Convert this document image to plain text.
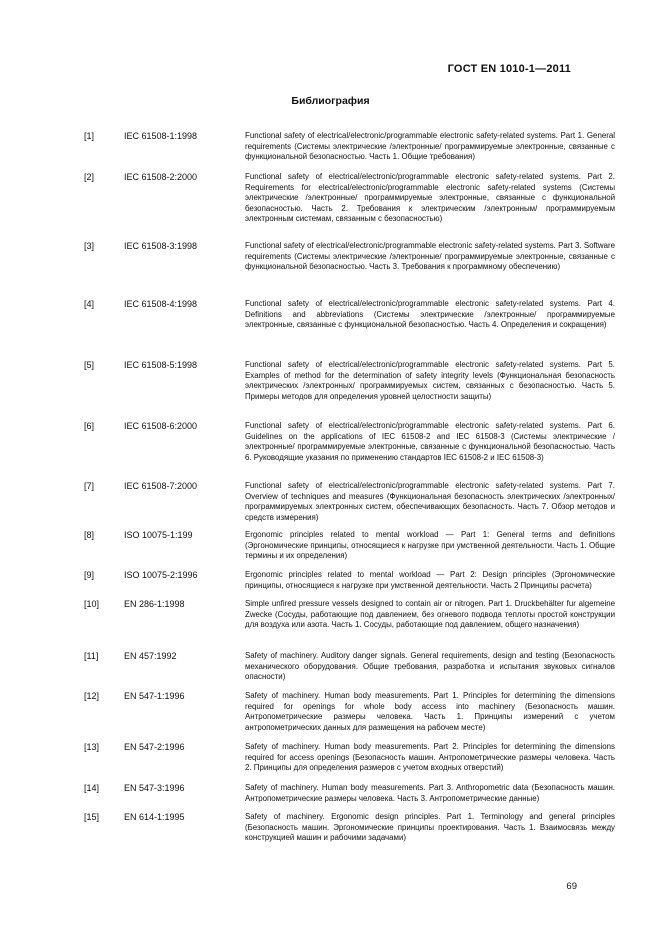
ГОСТ EN 1010-1—2011
Библиография
[1]	IEC 61508-1:1998	Functional safety of electrical/electronic/programmable electronic safety-related systems. Part 1. General requirements (Системы электрические /электронные/ программируемые электронные, связанные с функциональной безопасностью. Часть 1. Общие требования)
[2]	IEC 61508-2:2000	Functional safety of electrical/electronic/programmable electronic safety-related systems. Part 2. Requirements for electrical/electronic/programmable electronic safety-related systems (Системы электрические /электронные/ программируемые электронные, связанные с функциональной безопасностью. Часть 2. Требования к электрическим /электронным/ программируемым электронным системам, связанным с безопасностью)
[3]	IEC 61508-3:1998	Functional safety of electrical/electronic/programmable electronic safety-related systems. Part 3. Software requirements (Системы электрические /электронные/ программируемые электронные, связанные с функциональной безопасностью. Часть 3. Требования к программному обеспечению)
[4]	IEC 61508-4:1998	Functional safety of electrical/electronic/programmable electronic safety-related systems. Part 4. Definitions and abbreviations (Системы электрические /электронные/ программируемые электронные, связанные с функциональной безопасностью. Часть 4. Определения и сокращения)
[5]	IEC 61508-5:1998	Functional safety of electrical/electronic/programmable electronic safety-related systems. Part 5. Examples of method for the determination of safety integrity levels (Функциональная безопасность электрических /электронных/ программируемых систем, связанных с безопасностью. Часть 5. Примеры методов для определения уровней целостности защиты)
[6]	IEC 61508-6:2000	Functional safety of electrical/electronic/programmable electronic safety-related systems. Part 6. Guidelines on the applications of IEC 61508-2 and IEC 61508-3 (Системы электрические /электронные/ программируемые электронные, связанные с функциональной безопасностью. Часть 6. Руководящие указания по применению стандартов IEC 61508-2 и IEC 61508-3)
[7]	IEC 61508-7:2000	Functional safety of electrical/electronic/programmable electronic safety-related systems. Part 7. Overview of techniques and measures (Функциональная безопасность электрических /электронных/ программируемых электронных систем, обеспечивающих безопасность. Часть 7. Обзор методов и средств измерения)
[8]	ISO 10075-1:199	Ergonomic principles related to mental workload — Part 1: General terms and definitions (Эргономические принципы, относящиеся к нагрузке при умственной деятельности. Часть 1. Общие термины и их определения)
[9]	ISO 10075-2:1996	Ergonomic principles related to mental workload — Part 2: Design principles (Эргономические принципы, относящиеся к нагрузке при умственной деятельности. Часть 2 Принципы расчета)
[10]	EN 286-1:1998	Simple unfired pressure vessels designed to contain air or nitrogen. Part 1. Druckbehälter fur algemeine Zwecke (Сосуды, работающие под давлением, без огневого подвода теплоты простой конструкции для воздуха или азота. Часть 1. Сосуды, работающие под давлением, общего назначения)
[11]	EN 457:1992	Safety of machinery. Auditory danger signals. General requirements, design and testing (Безопасность механического оборудования. Общие требования, разработка и испытания звуковых сигналов опасности)
[12]	EN 547-1:1996	Safety of machinery. Human body measurements. Part 1. Principles for determining the dimensions required for openings for whole body access into machinery (Безопасность машин. Антропометрические размеры человека. Часть 1. Принципы измерений с учетом антропометрических данных для размещения на рабочем месте)
[13]	EN 547-2:1996	Safety of machinery. Human body measurements. Part 2. Principles for determining the dimensions required for access openings (Безопасность машин. Антропометрические размеры человека. Часть 2. Принципы для определения размеров с учетом входных отверстий)
[14]	EN 547-3:1996	Safety of machinery. Human body measurements. Part 3. Anthropometric data (Безопасность машин. Антропометрические размеры человека. Часть 3. Антропометрические данные)
[15]	EN 614-1:1995	Safety of machinery. Ergonomic design principles. Part 1. Terminology and general principles (Безопасность машин. Эргономические принципы проектирования. Часть 1. Взаимосвязь между конструкцией машин и рабочими задачами)
69
